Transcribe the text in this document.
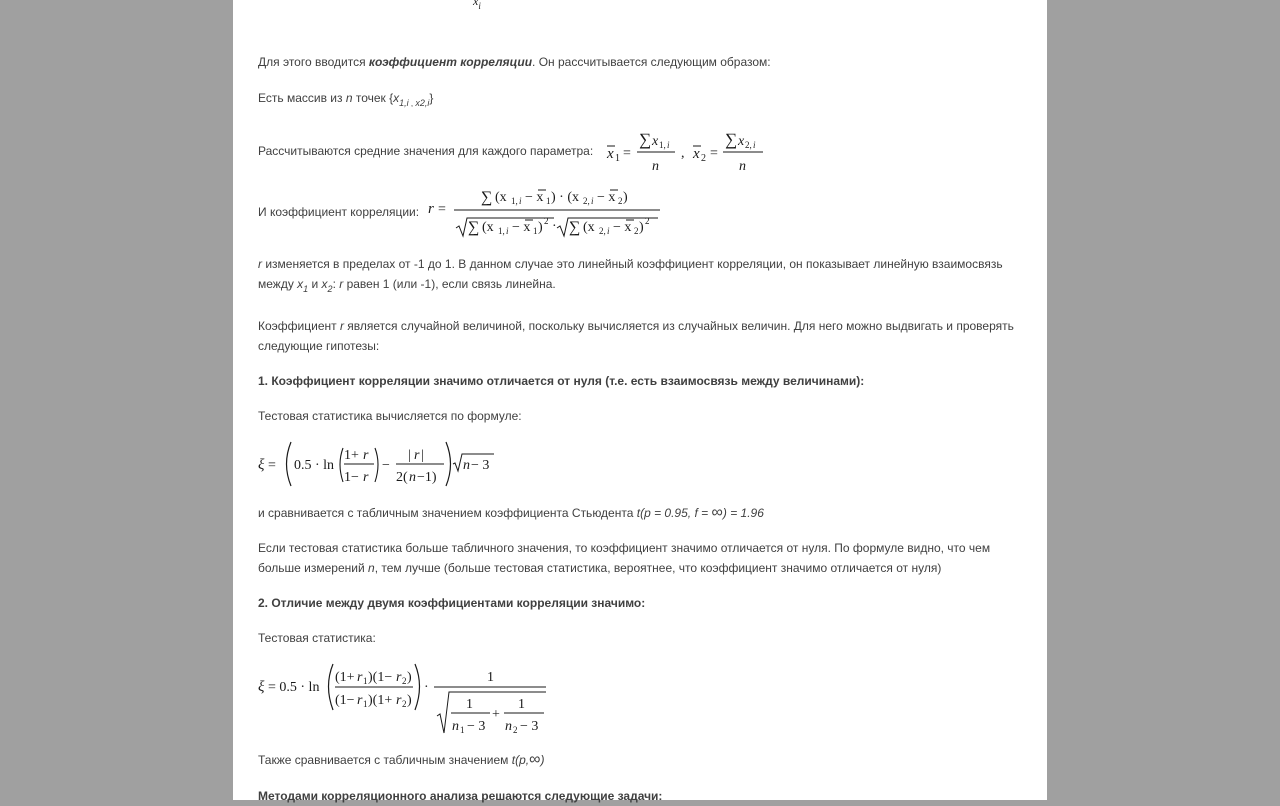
$x_i$
Для этого вводится коэффициент корреляции. Он рассчитывается следующим образом:
Есть массив из n точек {$x_{1,i}$ $_,$ $_{x2,i}$}
Рассчитываются средние значения для каждого параметра: x 1 =
∑ x 1, i
n
, x 2 =
∑ x 2, i
n
И коэффициент корреляции: r =
∑ (x 1, i − x 1 ) · (x 2, i − x 2 )
∑ (x 1, i − x 1 ) 2 · ∑ (x 2, i − x 2 ) 2
r изменяется в пределах от -1 до 1. В данном случае это линейный коэффициент корреляции, он показывает линейную взаимосвязь между $x_1$ и $x_2$: r равен 1 (или -1), если связь линейна.
Коэффициент r является случайной величиной, поскольку вычисляется из случайных величин. Для него можно выдвигать и проверять следующие гипотезы:
1. Коэффициент корреляции значимо отличается от нуля (т.е. есть взаимосвязь между величинами):
Тестовая статистика вычисляется по формуле:
ξ = 0.5 · ln
1+ r
1− r
−
| r |
2( n −1)
n − 3
и сравнивается с табличным значением коэффициента Стьюдента t(p = 0.95, f = ∞) = 1.96
Если тестовая статистика больше табличного значения, то коэффициент значимо отличается от нуля. По формуле видно, что чем больше измерений n, тем лучше (больше тестовая статистика, вероятнее, что коэффициент значимо отличается от нуля)
2. Отличие между двумя коэффициентами корреляции значимо:
Тестовая статистика:
ξ = 0.5 · ln
(1+ r 1 )(1− r 2 )
(1− r 1 )(1+ r 2 )
·
1
1
n 1 − 3
+
1
n 2 − 3
Также сравнивается с табличным значением t(p,∞)
Методами корреляционного анализа решаются следующие задачи:
